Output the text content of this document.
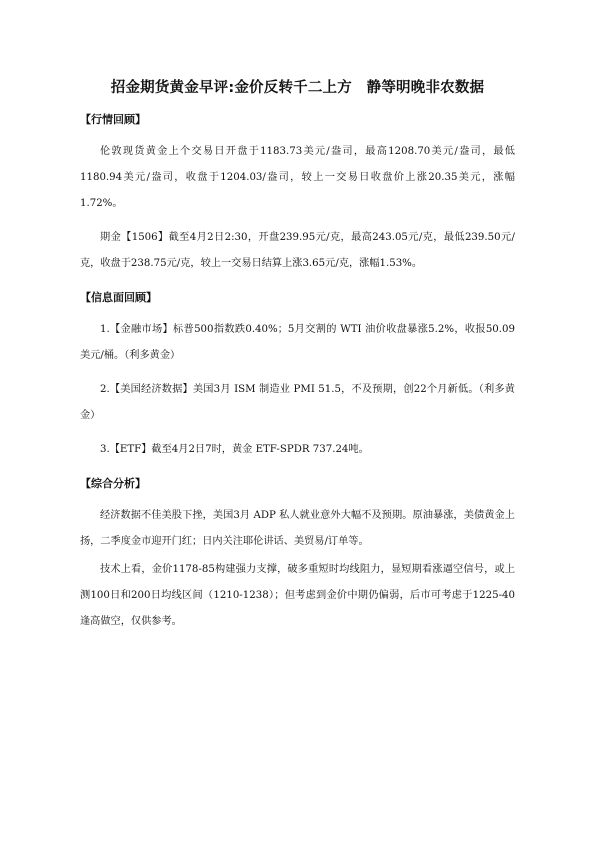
招金期货黄金早评:金价反转千二上方　静等明晚非农数据
【行情回顾】

伦敦现货黄金上个交易日开盘于1183.73美元/盎司，最高1208.70美元/盎司，最低1180.94美元/盎司，收盘于1204.03/盎司，较上一交易日收盘价上涨20.35美元，涨幅1.72%。

期金【1506】截至4月2日2:30，开盘239.95元/克，最高243.05元/克，最低239.50元/克，收盘于238.75元/克，较上一交易日结算上涨3.65元/克，涨幅1.53%。

【信息面回顾】

1.【金融市场】标普500指数跌0.40%；5月交割的 WTI 油价收盘暴涨5.2%，收报50.09美元/桶。（利多黄金）

2.【美国经济数据】美国3月 ISM 制造业 PMI 51.5，不及预期，创22个月新低。（利多黄金）

3.【ETF】截至4月2日7时，黄金 ETF-SPDR 737.24吨。

【综合分析】

经济数据不佳美股下挫，美国3月 ADP 私人就业意外大幅不及预期。原油暴涨，美债黄金上扬，二季度金市迎开门红；日内关注耶伦讲话、美贸易/订单等。

技术上看，金价1178-85构建强力支撑，破多重短时均线阻力，显短期看涨逼空信号，或上测100日和200日均线区间（1210-1238）；但考虑到金价中期仍偏弱，后市可考虑于1225-40逢高做空，仅供参考。
